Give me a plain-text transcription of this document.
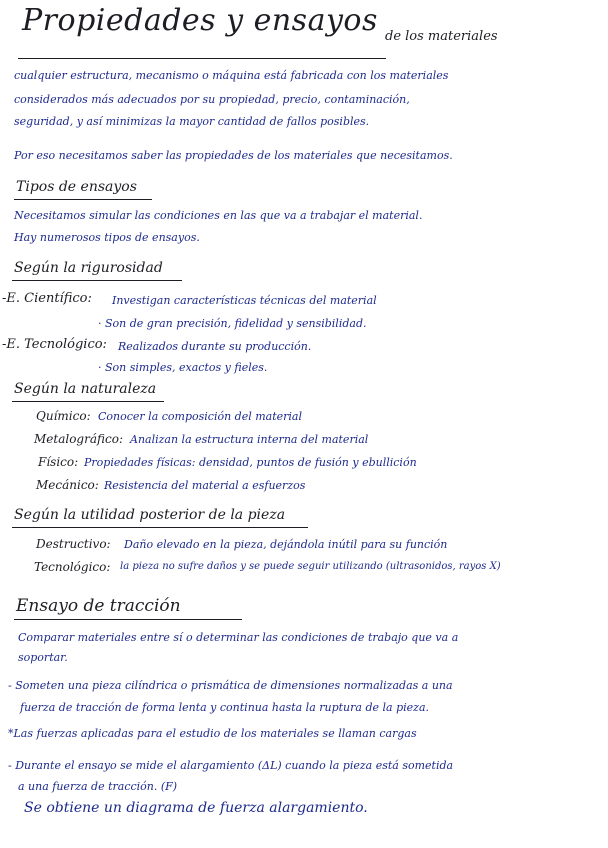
Propiedades y ensayos de los materiales
cualquier estructura, mecanismo o máquina está fabricada con los materiales
considerados más adecuados por su propiedad, precio, contaminación,
seguridad, y así minimizas la mayor cantidad de fallos posibles.
Por eso necesitamos saber las propiedades de los materiales que necesitamos.
Tipos de ensayos
Necesitamos simular las condiciones en las que va a trabajar el material.
Hay numerosos tipos de ensayos.
Según la rigurosidad
-E. Científico: Investigan características técnicas del material
· Son de gran precisión, fidelidad y sensibilidad.
-E. Tecnológico: Realizados durante su producción.
· Son simples, exactos y fieles.
Según la naturaleza
Químico: Conocer la composición del material
Metalográfico: Analizan la estructura interna del material
Físico: Propiedades físicas: densidad, puntos de fusión y ebullición
Mecánico: Resistencia del material a esfuerzos
Según la utilidad posterior de la pieza
Destructivo: Daño elevado en la pieza, dejándola inútil para su función
Tecnológico: la pieza no sufre daños y se puede seguir utilizando (ultrasonidos, rayos X)
Ensayo de tracción
Comparar materiales entre sí o determinar las condiciones de trabajo que va a
soportar.
- Someten una pieza cilíndrica o prismática de dimensiones normalizadas a una
fuerza de tracción de forma lenta y continua hasta la ruptura de la pieza.
*Las fuerzas aplicadas para el estudio de los materiales se llaman cargas
- Durante el ensayo se mide el alargamiento (ΔL) cuando la pieza está sometida
a una fuerza de tracción. (F)
Se obtiene un diagrama de fuerza alargamiento.
